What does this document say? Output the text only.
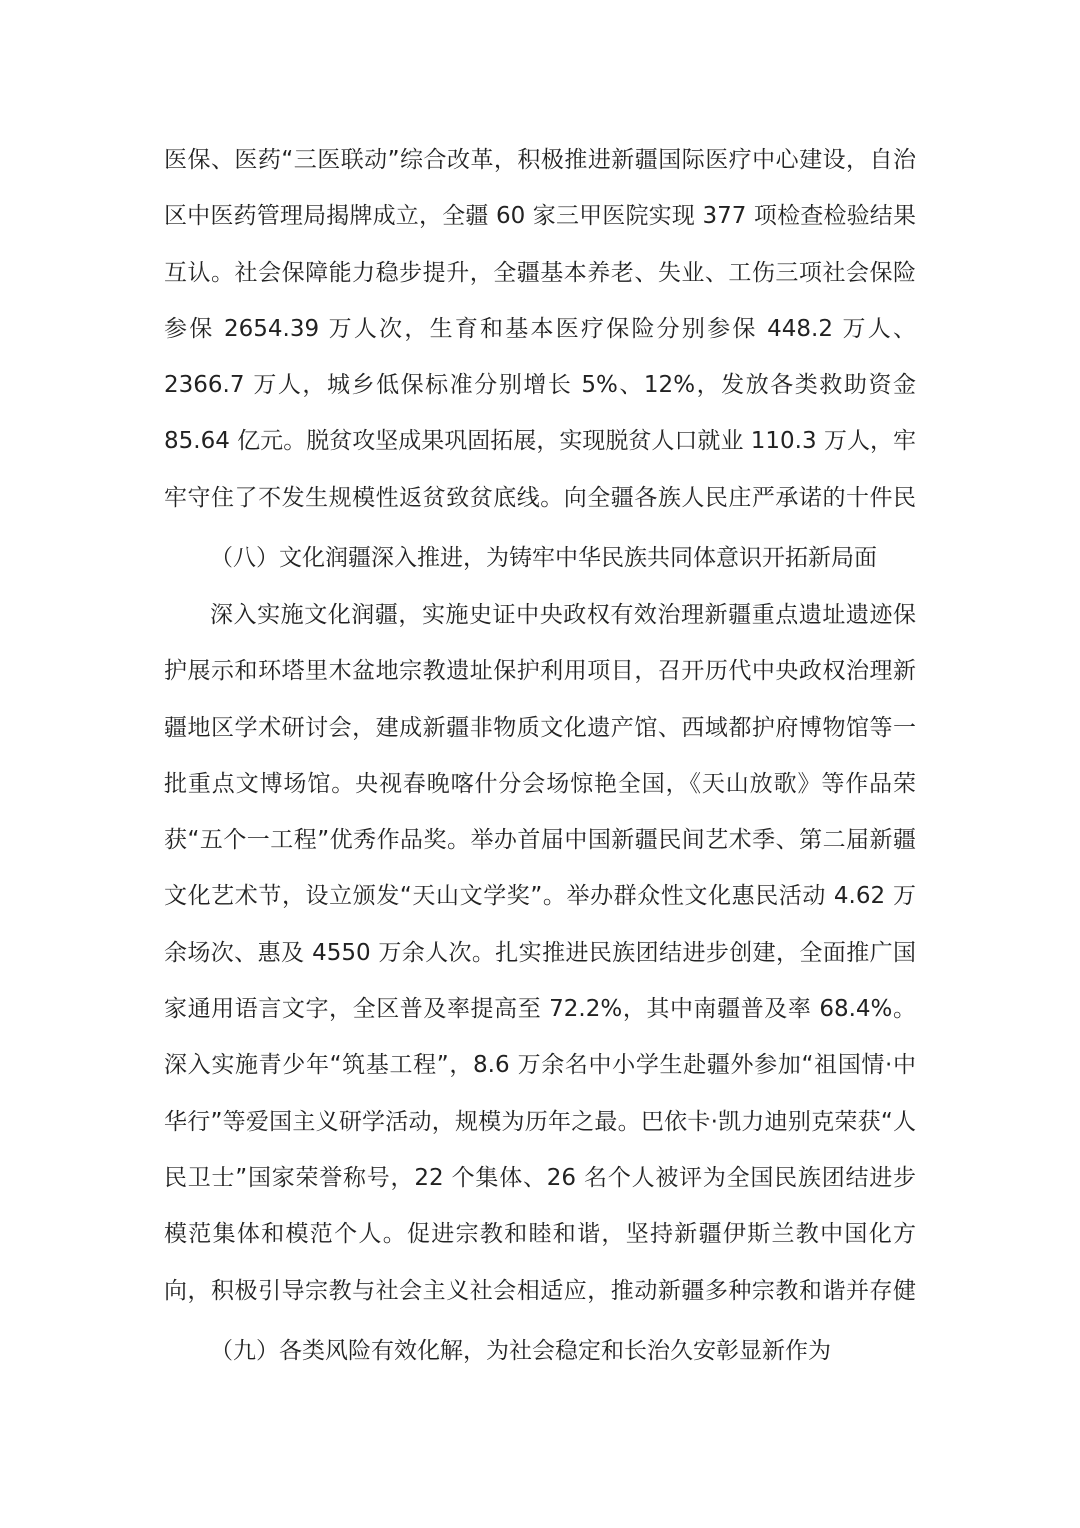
医保、医药“三医联动”综合改革，积极推进新疆国际医疗中心建设，自治区中医药管理局揭牌成立，全疆 60 家三甲医院实现 377 项检查检验结果互认。社会保障能力稳步提升，全疆基本养老、失业、工伤三项社会保险参保 2654.39 万人次，生育和基本医疗保险分别参保 448.2 万人、2366.7 万人，城乡低保标准分别增长 5%、12%，发放各类救助资金 85.64 亿元。脱贫攻坚成果巩固拓展，实现脱贫人口就业 110.3 万人，牢牢守住了不发生规模性返贫致贫底线。向全疆各族人民庄严承诺的十件民
（八）文化润疆深入推进，为铸牢中华民族共同体意识开拓新局面
深入实施文化润疆，实施史证中央政权有效治理新疆重点遗址遗迹保护展示和环塔里木盆地宗教遗址保护利用项目，召开历代中央政权治理新疆地区学术研讨会，建成新疆非物质文化遗产馆、西域都护府博物馆等一批重点文博场馆。央视春晚喀什分会场惊艳全国，《天山放歌》等作品荣获“五个一工程”优秀作品奖。举办首届中国新疆民间艺术季、第二届新疆文化艺术节，设立颁发“天山文学奖”。举办群众性文化惠民活动 4.62 万余场次、惠及 4550 万余人次。扎实推进民族团结进步创建，全面推广国家通用语言文字，全区普及率提高至 72.2%，其中南疆普及率 68.4%。深入实施青少年“筑基工程”，8.6 万余名中小学生赴疆外参加“祖国情·中华行”等爱国主义研学活动，规模为历年之最。巴依卡·凯力迪别克荣获“人民卫士”国家荣誉称号，22 个集体、26 名个人被评为全国民族团结进步模范集体和模范个人。促进宗教和睦和谐，坚持新疆伊斯兰教中国化方向，积极引导宗教与社会主义社会相适应，推动新疆多种宗教和谐并存健
（九）各类风险有效化解，为社会稳定和长治久安彰显新作为
